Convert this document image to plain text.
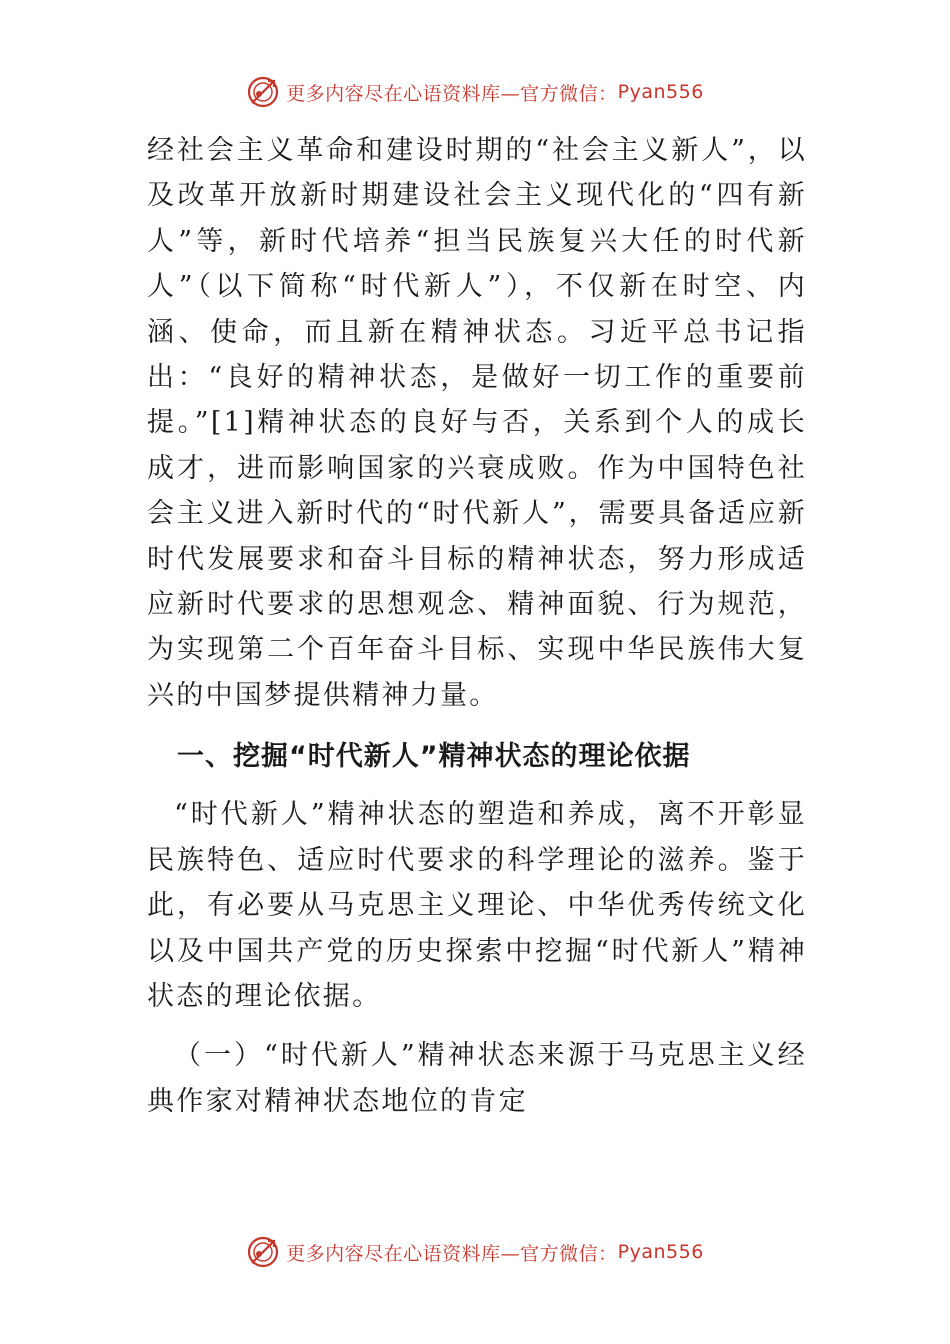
更多内容尽在心语资料库—官方微信： Pyan556

经社会主义革命和建设时期的“社会主义新人”，以及改革开放新时期建设社会主义现代化的“四有新人”等，新时代培养“担当民族复兴大任的时代新人”（以下简称“时代新人”），不仅新在时空、内涵、使命，而且新在精神状态。习近平总书记指出：“良好的精神状态，是做好一切工作的重要前提。”[1]精神状态的良好与否，关系到个人的成长成才，进而影响国家的兴衰成败。作为中国特色社会主义进入新时代的“时代新人”，需要具备适应新时代发展要求和奋斗目标的精神状态，努力形成适应新时代要求的思想观念、精神面貌、行为规范，为实现第二个百年奋斗目标、实现中华民族伟大复兴的中国梦提供精神力量。

一、挖掘“时代新人”精神状态的理论依据

“时代新人”精神状态的塑造和养成，离不开彰显民族特色、适应时代要求的科学理论的滋养。鉴于此，有必要从马克思主义理论、中华优秀传统文化以及中国共产党的历史探索中挖掘“时代新人”精神状态的理论依据。

（一）“时代新人”精神状态来源于马克思主义经典作家对精神状态地位的肯定

更多内容尽在心语资料库—官方微信： Pyan556
